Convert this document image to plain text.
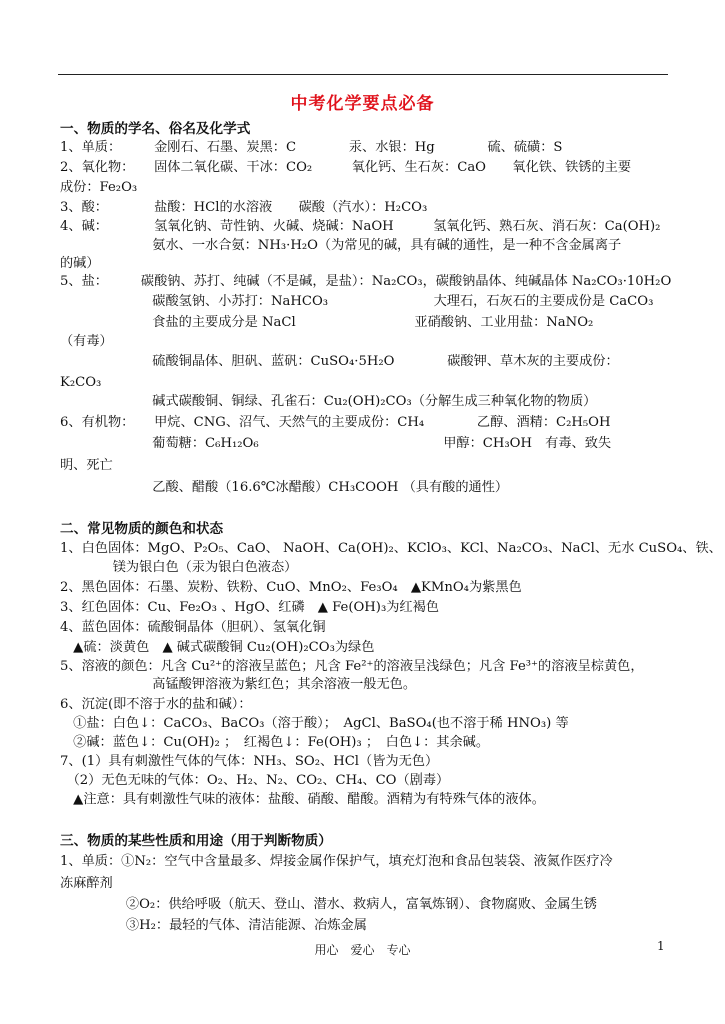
中考化学要点必备
一、物质的学名、俗名及化学式
1、单质：　　　金刚石、石墨、炭黑：C　　　　汞、水银：Hg　　　　硫、硫磺：S
2、氧化物：　　固体二氧化碳、干冰：CO₂　　　氧化钙、生石灰：CaO　　氧化铁、铁锈的主要
成份：Fe₂O₃
3、酸：　　　　盐酸：HCl的水溶液　　碳酸（汽水）：H₂CO₃
4、碱：　　　　氢氧化钠、苛性钠、火碱、烧碱：NaOH　　　氢氧化钙、熟石灰、消石灰：Ca(OH)₂
　　　　　　　氨水、一水合氨：NH₃·H₂O（为常见的碱，具有碱的通性，是一种不含金属离子
的碱）
5、盐：　　　碳酸钠、苏打、纯碱（不是碱，是盐）：Na₂CO₃，碳酸钠晶体、纯碱晶体 Na₂CO₃·10H₂O
　　　　　　　碳酸氢钠、小苏打：NaHCO₃　　　　　　　　大理石，石灰石的主要成份是 CaCO₃
　　　　　　　食盐的主要成分是 NaCl　　　　　　　　　亚硝酸钠、工业用盐：NaNO₂
（有毒）
　　　　　　　硫酸铜晶体、胆矾、蓝矾：CuSO₄·5H₂O　　　　碳酸钾、草木灰的主要成份：
K₂CO₃
　　　　　　　碱式碳酸铜、铜绿、孔雀石：Cu₂(OH)₂CO₃（分解生成三种氧化物的物质）
6、有机物：　　甲烷、CNG、沼气、天然气的主要成份：CH₄　　　　乙醇、酒精：C₂H₅OH
　　　　　　　葡萄糖：C₆H₁₂O₆　　　　　　　　　　　　　　甲醇：CH₃OH　有毒、致失
明、死亡
　　　　　　　乙酸、醋酸（16.6℃冰醋酸）CH₃COOH （具有酸的通性）
二、常见物质的颜色和状态
1、白色固体：MgO、P₂O₅、CaO、 NaOH、Ca(OH)₂、KClO₃、KCl、Na₂CO₃、NaCl、无水 CuSO₄、铁、
　　　　镁为银白色（汞为银白色液态）
2、黑色固体：石墨、炭粉、铁粉、CuO、MnO₂、Fe₃O₄　▲KMnO₄为紫黑色
3、红色固体：Cu、Fe₂O₃ 、HgO、红磷　▲ Fe(OH)₃为红褐色
4、蓝色固体：硫酸铜晶体（胆矾）、氢氧化铜
　▲硫：淡黄色　▲ 碱式碳酸铜 Cu₂(OH)₂CO₃为绿色
5、溶液的颜色：凡含 Cu²⁺的溶液呈蓝色；凡含 Fe²⁺的溶液呈浅绿色；凡含 Fe³⁺的溶液呈棕黄色，
　　　　　　　高锰酸钾溶液为紫红色；其余溶液一般无色。
6、沉淀(即不溶于水的盐和碱）：
　①盐：白色↓：CaCO₃、BaCO₃（溶于酸）；　AgCl、BaSO₄(也不溶于稀 HNO₃) 等
　②碱：蓝色↓：Cu(OH)₂ ；　红褐色↓：Fe(OH)₃ ；　白色↓：其余碱。
7、(1）具有刺激性气体的气体：NH₃、SO₂、HCl（皆为无色）
　（2）无色无味的气体：O₂、H₂、N₂、CO₂、CH₄、CO（剧毒）
　▲注意：具有刺激性气味的液体：盐酸、硝酸、醋酸。酒精为有特殊气体的液体。
三、物质的某些性质和用途（用于判断物质）
1、单质：①N₂：空气中含量最多、焊接金属作保护气，填充灯泡和食品包装袋、液氮作医疗冷
冻麻醉剂
　　　　　②O₂：供给呼吸（航天、登山、潜水、救病人，富氧炼钢）、食物腐败、金属生锈
　　　　　③H₂：最轻的气体、清洁能源、冶炼金属
用心　爱心　专心	1
